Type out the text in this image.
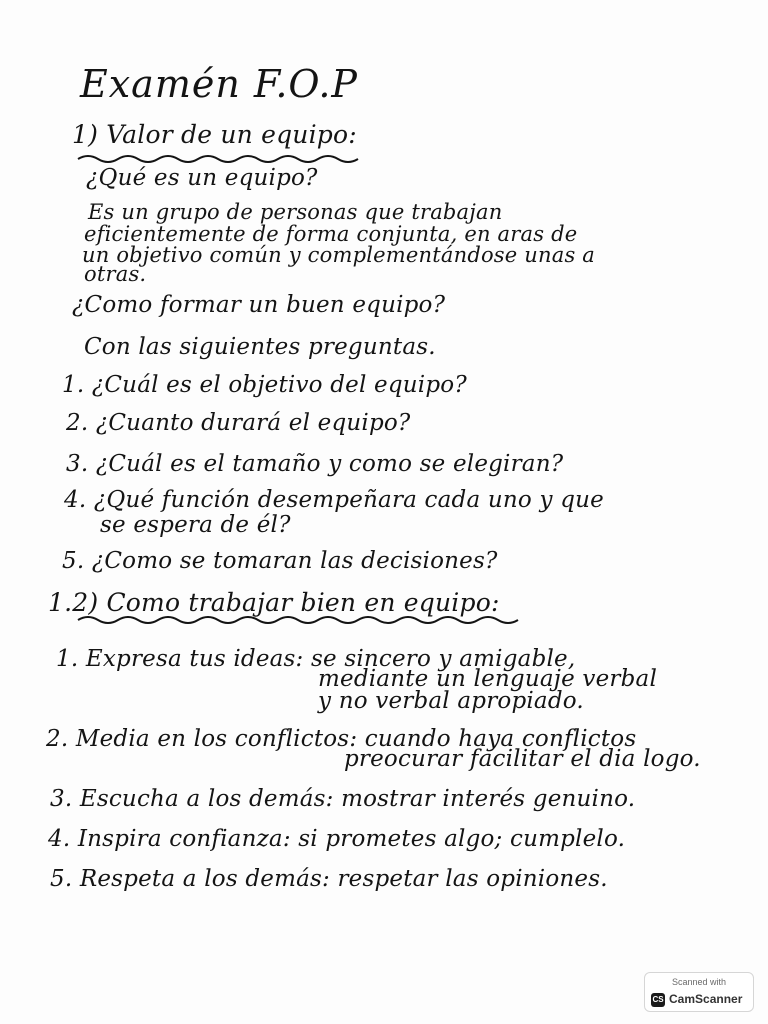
Examén F.O.P
1) Valor de un equipo:
¿Qué es un equipo?
Es un grupo de personas que trabajan
eficientemente de forma conjunta, en aras de
un objetivo común y complementándose unas a
otras.
¿Como formar un buen equipo?
Con las siguientes preguntas.
1. ¿Cuál es el objetivo del equipo?
2. ¿Cuanto durará el equipo?
3. ¿Cuál es el tamaño y como se elegiran?
4. ¿Qué función desempeñara cada uno y que
se espera de él?
5. ¿Como se tomaran las decisiones?
1.2) Como trabajar bien en equipo:
1. Expresa tus ideas: se sincero y amigable,
mediante un lenguaje verbal
y no verbal apropiado.
2. Media en los conflictos: cuando haya conflictos
preocurar facilitar el dia logo.
3. Escucha a los demás: mostrar interés genuino.
4. Inspira confianza: si prometes algo; cumplelo.
5. Respeta a los demás: respetar las opiniones.
Scanned with
CS CamScanner
